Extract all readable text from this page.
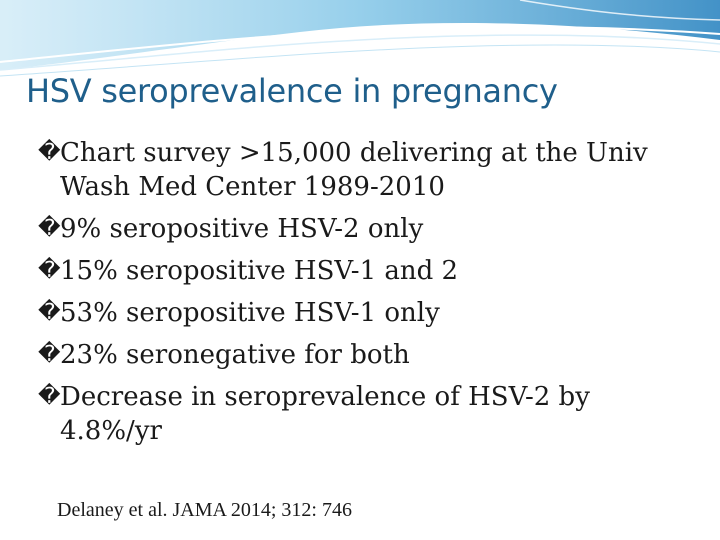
HSV seroprevalence in pregnancy
� Chart survey >15,000 delivering at the Univ Wash Med Center 1989-2010
� 9% seropositive HSV-2 only
� 15% seropositive HSV-1 and 2
� 53% seropositive HSV-1 only
� 23% seronegative for both
� Decrease in seroprevalence of HSV-2 by 4.8%/yr
Delaney et al. JAMA 2014; 312: 746
